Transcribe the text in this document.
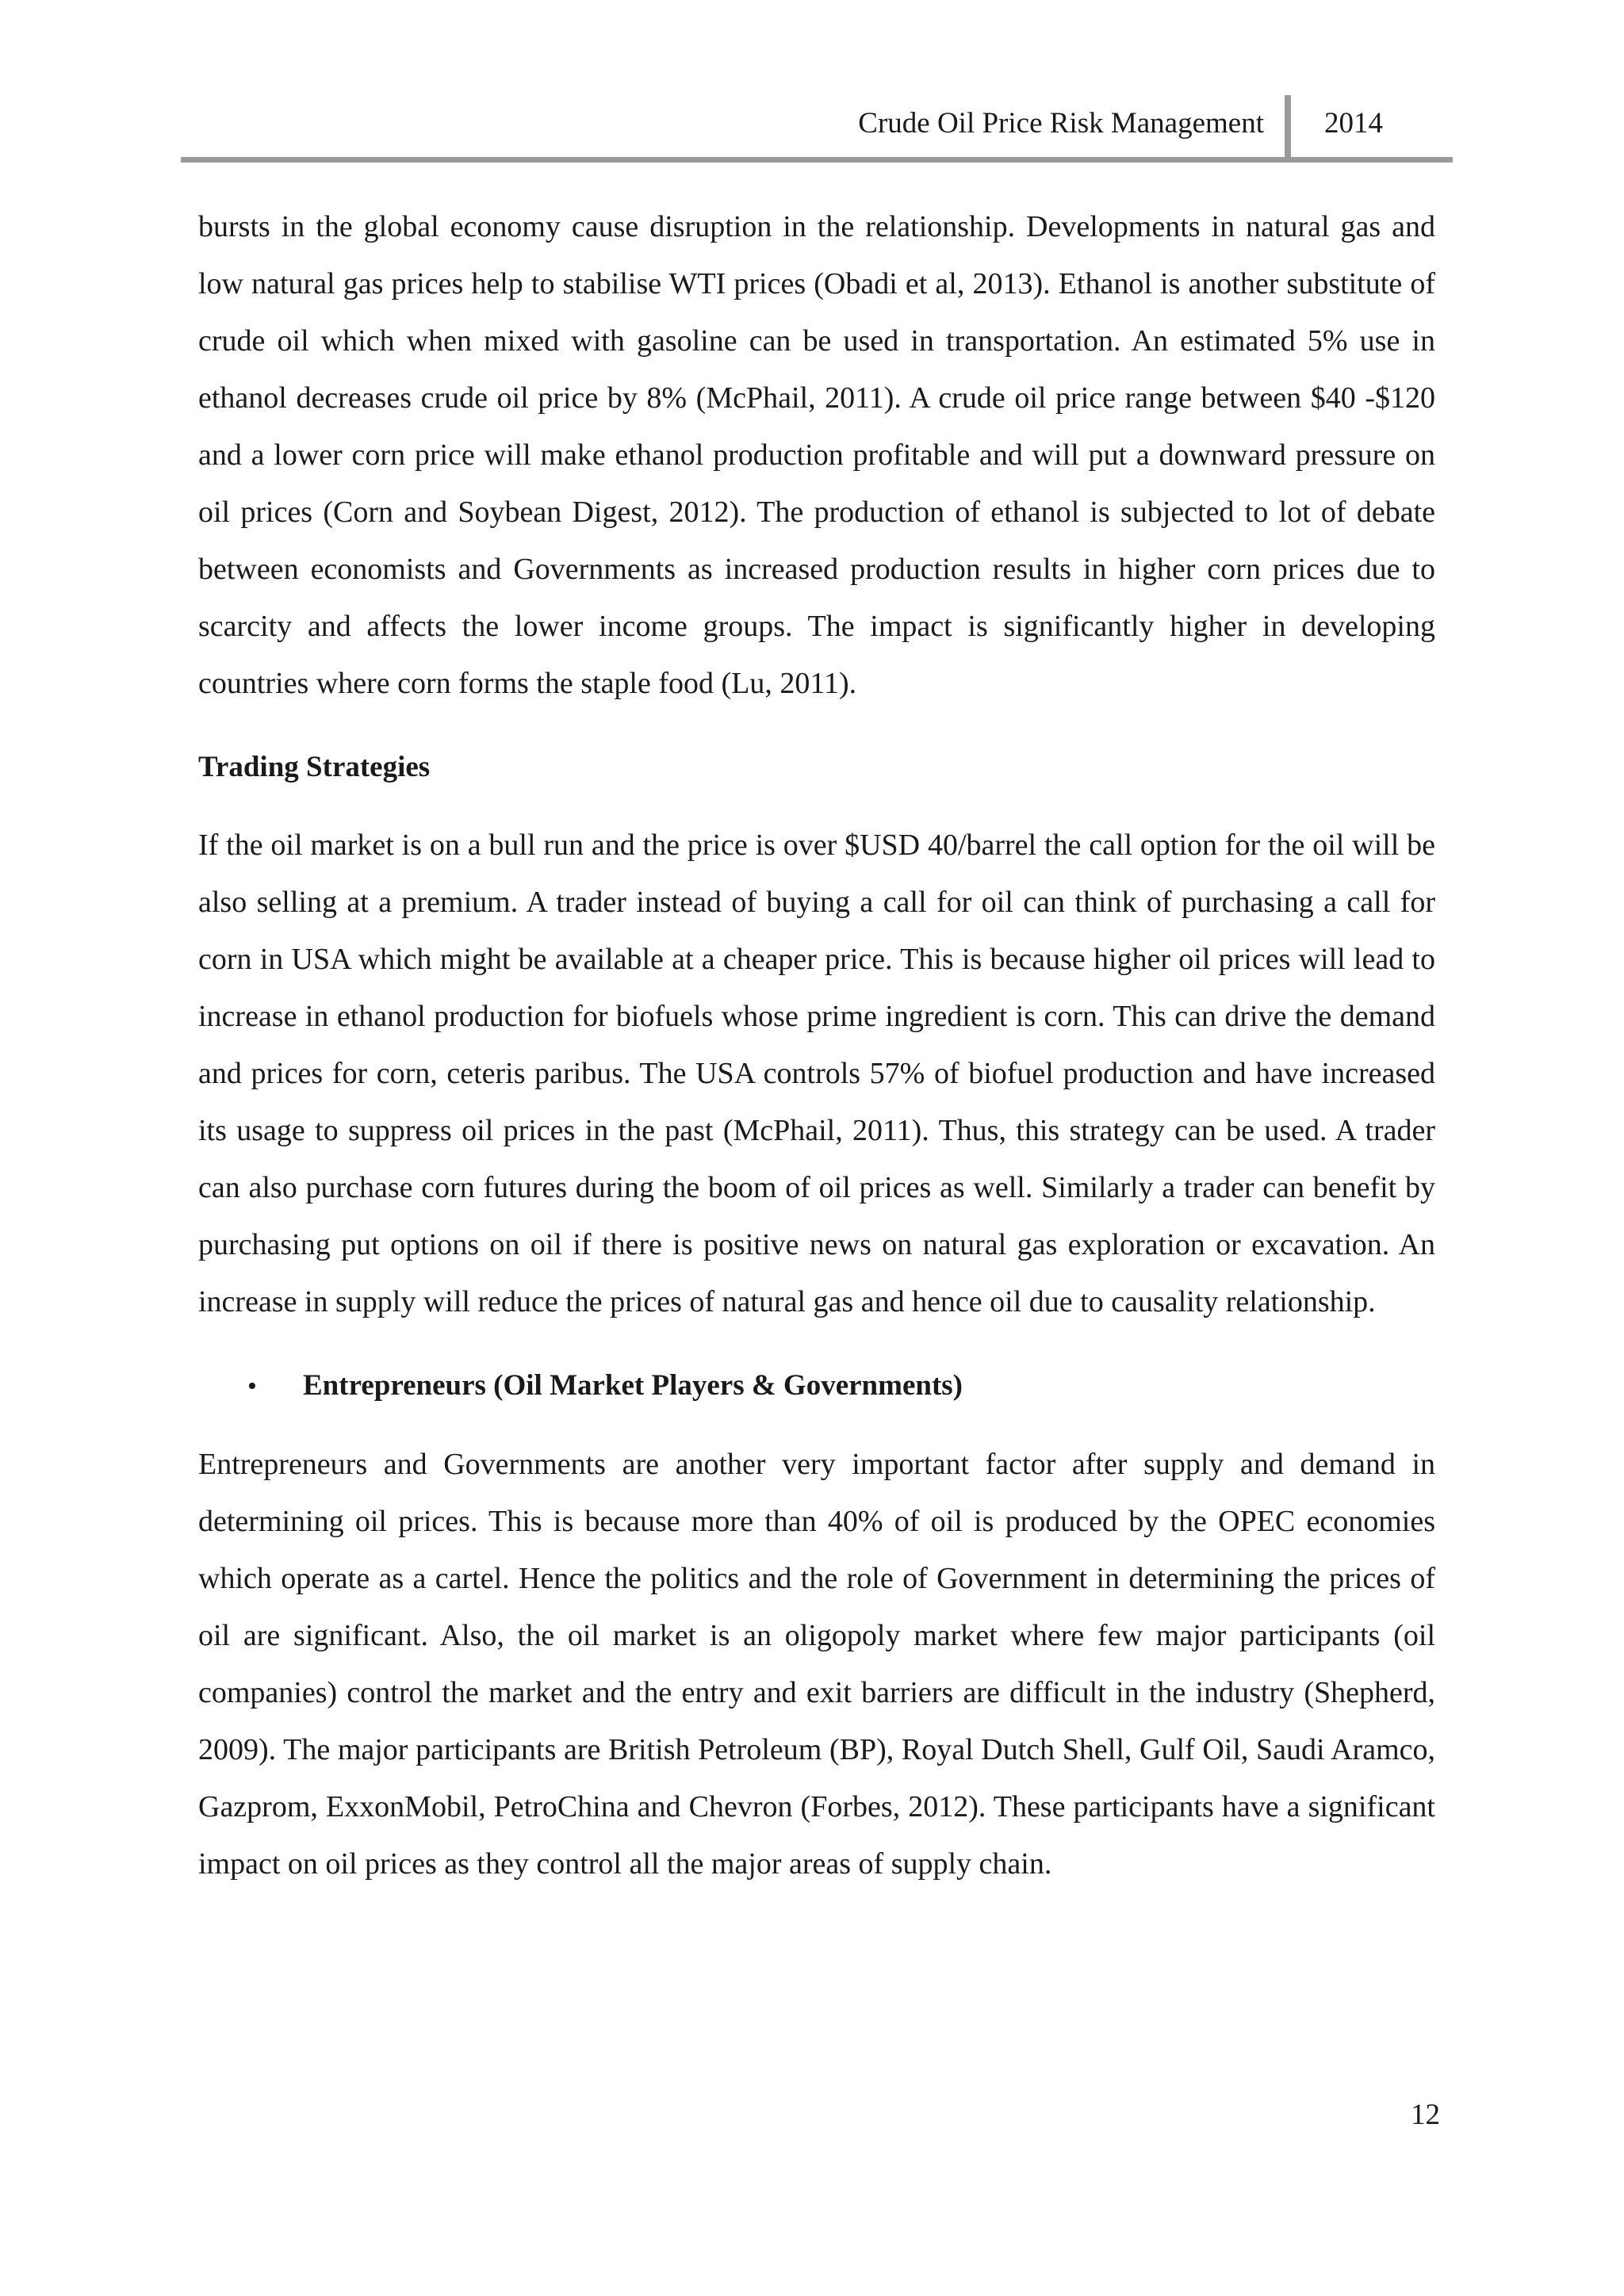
Crude Oil Price Risk Management 2014

bursts in the global economy cause disruption in the relationship. Developments in natural gas and low natural gas prices help to stabilise WTI prices (Obadi et al, 2013). Ethanol is another substitute of crude oil which when mixed with gasoline can be used in transportation. An estimated 5% use in ethanol decreases crude oil price by 8% (McPhail, 2011). A crude oil price range between $40 -$120 and a lower corn price will make ethanol production profitable and will put a downward pressure on oil prices (Corn and Soybean Digest, 2012). The production of ethanol is subjected to lot of debate between economists and Governments as increased production results in higher corn prices due to scarcity and affects the lower income groups. The impact is significantly higher in developing countries where corn forms the staple food (Lu, 2011).

Trading Strategies

If the oil market is on a bull run and the price is over $USD 40/barrel the call option for the oil will be also selling at a premium. A trader instead of buying a call for oil can think of purchasing a call for corn in USA which might be available at a cheaper price. This is because higher oil prices will lead to increase in ethanol production for biofuels whose prime ingredient is corn. This can drive the demand and prices for corn, ceteris paribus. The USA controls 57% of biofuel production and have increased its usage to suppress oil prices in the past (McPhail, 2011). Thus, this strategy can be used. A trader can also purchase corn futures during the boom of oil prices as well. Similarly a trader can benefit by purchasing put options on oil if there is positive news on natural gas exploration or excavation. An increase in supply will reduce the prices of natural gas and hence oil due to causality relationship.

•	Entrepreneurs (Oil Market Players & Governments)

Entrepreneurs and Governments are another very important factor after supply and demand in determining oil prices. This is because more than 40% of oil is produced by the OPEC economies which operate as a cartel. Hence the politics and the role of Government in determining the prices of oil are significant. Also, the oil market is an oligopoly market where few major participants (oil companies) control the market and the entry and exit barriers are difficult in the industry (Shepherd, 2009). The major participants are British Petroleum (BP), Royal Dutch Shell, Gulf Oil, Saudi Aramco, Gazprom, ExxonMobil, PetroChina and Chevron (Forbes, 2012). These participants have a significant impact on oil prices as they control all the major areas of supply chain.

12
